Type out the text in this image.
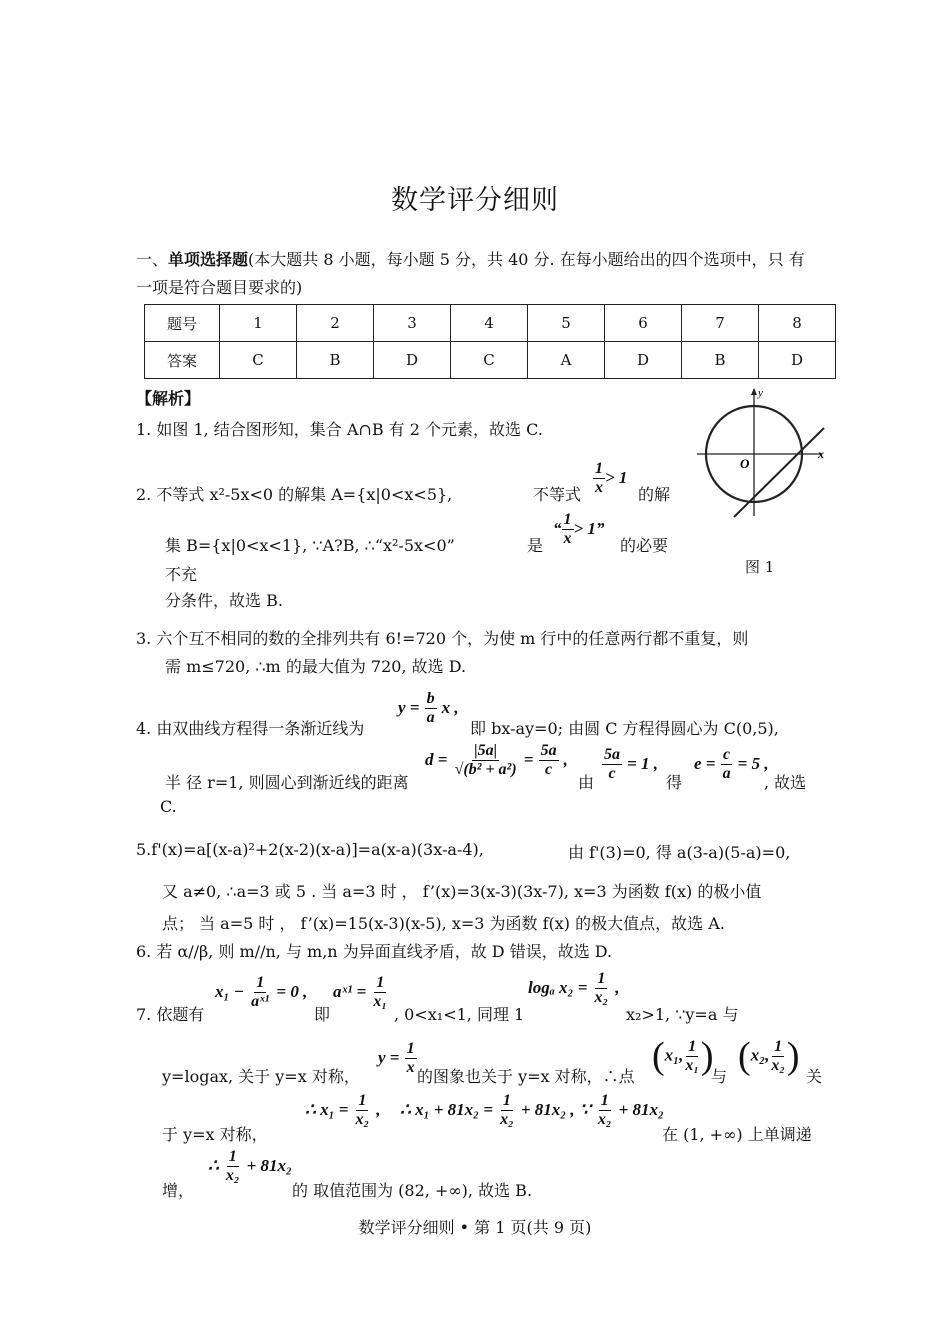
数学评分细则
一、单项选择题(本大题共 8 小题，每小题 5 分，共 40 分. 在每小题给出的四个选项中，只 有一项是符合题目要求的)
题号	1	2	3	4	5	6	7	8
答案	C	B	D	C	A	D	B	D
【解析】	y
O
x
图 1
1. 如图 1, 结合图形知，集合 A∩B 有 2 个元素，故选 C.
2. 不等式 x²-5x<0 的解集 A={x|0<x<5},	不等式 $\frac{1}{x} > 1$
的解
集 B={x|0<x<1}, ∵A?B, ∴“x²-5x<0”	是
“ $\frac{1}{x} > 1$”
的必要
不充
分条件，故选 B.
3. 六个互不相同的数的全排列共有 6!=720 个，为使 m 行中的任意两行都不重复，则
需 m≤720, ∴m 的最大值为 720, 故选 D.
4. 由双曲线方程得一条渐近线为
$y = \frac{b}{a}$ x ,
即 bx-ay=0; 由圆 C 方程得圆心为 C(0,5),
半 径 r=1, 则圆心到渐近线的距离
$d = \frac{|5a|}{\text{√(b² + a²)}} = \frac{5a}{c}$ ,
由 $\frac{5a}{c} = 1$ ,
得
$e = \frac{c}{a} = 5$ ,
, 故选
C.
5.f'(x)=a[(x-a)²+2(x-2)(x-a)]=a(x-a)(3x-a-4),	由 f'(3)=0, 得 a(3-a)(5-a)=0,
又 a≠0, ∴a=3 或 5 . 当 a=3 时 ， f’(x)=3(x-3)(3x-7), x=3 为函数 f(x) 的极小值
点； 当 a=5 时 ， f’(x)=15(x-3)(x-5), x=3 为函数 f(x) 的极大值点，故选 A.
6. 若 α//β, 则 m//n, 与 m,n 为异面直线矛盾，故 D 错误，故选 D.
7. 依题有
$x_1 - \frac{1}{\text{aˣ¹}} = 0$ ,
即
aˣ¹ = $\frac{1}{\text{x₁}}$
, 0<x₁<1, 同理 1
logₐ $x_2 = \frac{1}{\text{x₂}}$ ,
x₂>1, ∵y=a 与
y=logax, 关于 y=x 对称，
$y = \frac{1}{x}$ 的图象也关于 y=x 对称，∴点 (x₁, $\frac{1}{\text{x₁}}$ )
与 (x₂, $\frac{1}{\text{x₂}}$ ) 关
于 y=x 对称，
∴ $x_1 = \frac{1}{\text{x₂}}$ , ∴ $x_1 + 81x_2 = \frac{1}{\text{x₂}} + 81x_2$ , ∵ $\frac{1}{\text{x₂}} + 81x_2$
在 (1, +∞) 上单调递
增，
∴ $\frac{1}{\text{x₂}} + 81x_2$
的 取值范围为 (82, +∞), 故选 B.
数学评分细则 • 第 1 页(共 9 页)
